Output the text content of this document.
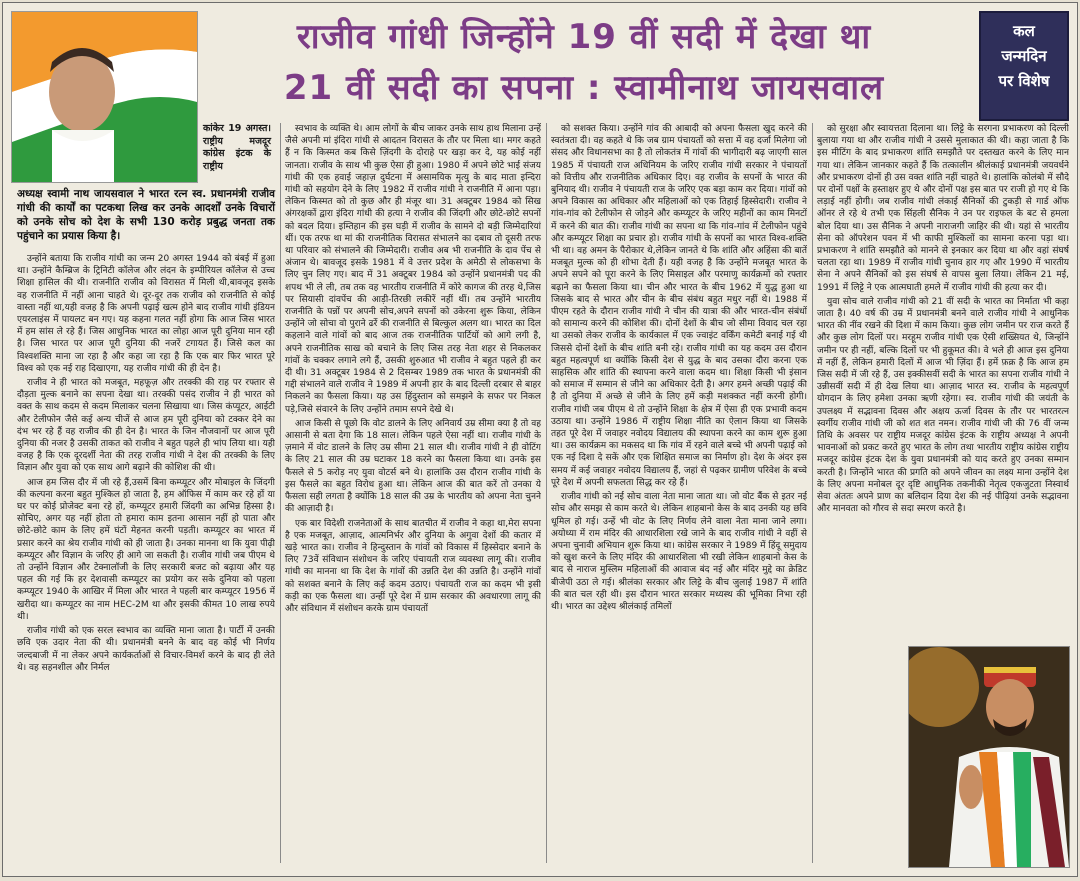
राजीव गांधी जिन्होंने 19 वीं सदी में देखा था
21 वीं सदी का सपना : स्वामीनाथ जायसवाल
कल
जन्मदिन
पर विशेष
कांकेर 19 अगस्त। राष्ट्रीय मजदूर कांग्रेस इंटक के राष्ट्रीय
अध्यक्ष स्वामी नाथ जायसवाल ने भारत रत्न स्व. प्रधानमंत्री राजीव गांधी की कार्यों का पटकथा लिख कर उनके आदर्शों उनके विचारों को उनके सोच को देश के सभी 130 करोड़ प्रबुद्ध जनता तक पहुंचाने का प्रयास किया है।

उन्होंने बताया कि राजीव गांधी का जन्म 20 अगस्त 1944 को बंबई में हुआ था। उन्होंने कैम्ब्रिज के ट्रिनिटी कॉलेज और लंदन के इम्पीरियल कॉलेज से उच्च शिक्षा हासिल की थी। राजनीति राजीव को विरासत में मिली थी,बावजूद इसके वह राजनीति में नहीं आना चाहते थे। दूर-दूर तक राजीव को राजनीति से कोई वास्ता नहीं था,यही वजह है कि अपनी पढ़ाई खत्म होने बाद राजीव गांधी इंडियन एयरलाइंस में पायलट बन गए। यह कहना गलत नहीं होगा कि आज जिस भारत में हम सांस ले रहे हैं। जिस आधुनिक भारत का लोहा आज पूरी दुनिया मान रही है। जिस भारत पर आज पूरी दुनिया की नजरें टगायत हैं। जिसे कल का विश्वशक्ति माना जा रहा है और कहा जा रहा है कि एक बार फिर भारत पूरे विश्व को एक नई राह दिखाएगा, यह राजीव गांधी की ही देन है।

राजीव ने ही भारत को मजबूत, महफूज़ और तरक्की की राह पर रफ्तार से दौड़ता मुल्क बनाने का सपना देखा था। तरक्की पसंद राजीव ने ही भारत को वक्त के साथ कदम से कदम मिलाकर चलना सिखाया था। जिस कंप्यूटर, आईटी और टेलीफोन जैसे कई अन्य चीजें से आज हम पूरी दुनिया को टक्कर देने का दंभ भर रहे हैं वह राजीव की ही देन है। भारत के जिन नौजवानों पर आज पूरी दुनिया की नजर है उसकी ताकत को राजीव ने बहुत पहले ही भांप लिया था। यही वजह है कि एक दूरदर्शी नेता की तरह राजीव गांधी ने देश की तरक्की के लिए विज्ञान और युवा को एक साथ आगे बढ़ाने की कोशिश की थी।

आज हम जिस दौर में जी रहे हैं,उसमें बिना कम्प्यूटर और मोबाइल के जिंदगी की कल्पना करना बहुत मुश्किल हो जाता है, हम ऑफिस में काम कर रहे हों या घर पर कोई प्रोजेक्ट बना रहे हों, कम्प्यूटर हमारी जिंदगी का अभिन्न हिस्सा है। सोचिए, अगर यह नहीं होता तो हमारा काम इतना आसान नहीं हो पाता और छोटे-छोटे काम के लिए हमें घंटों मेहनत करनी पड़ती। कम्प्यूटर का भारत में प्रसार करने का श्रेय राजीव गांधी को ही जाता है। उनका मानना था कि युवा पीढ़ी कम्प्यूटर और विज्ञान के जरिए ही आगे जा सकती है। राजीव गांधी जब पीएम थे तो उन्होंने विज्ञान और टेक्नालॉजी के लिए सरकारी बजट को बढ़ाया और यह पहल की गई कि हर देशवासी कम्प्यूटर का प्रयोग कर सके दुनिया को पहला कम्प्यूटर 1940 के आखिर में मिला और भारत ने पहली बार कम्प्यूटर 1956 में खरीदा था। कम्प्यूटर का नाम HEC-2M था और इसकी कीमत 10 लाख रुपये थी।

राजीव गांधी को एक सरल स्वभाव का व्यक्ति माना जाता है। पार्टी में उनकी छवि एक उदार नेता की थी। प्रधानमंत्री बनने के बाद वह कोई भी निर्णय जल्दबाजी में ना लेकर अपने कार्यकर्ताओं से विचार-विमर्श करने के बाद ही लेते थे। वह सहनशील और निर्मल

स्वभाव के व्यक्ति थे। आम लोगों के बीच जाकर उनके साथ हाथ मिलाना उन्हें जैसे अपनी मां इंदिरा गांधी से आदतन विरासत के तौर पर मिला था। मगर कहते हैं न कि किस्मत कब किसे ज़िंदगी के दोराहे पर खड़ा कर दे, यह कोई नहीं जानता। राजीव के साथ भी कुछ ऐसा ही हुआ। 1980 में अपने छोटे भाई संजय गांधी की एक हवाई जहाज़ दुर्घटना में असामयिक मृत्यु के बाद माता इन्दिरा गांधी को सहयोग देने के लिए 1982 में राजीव गांधी ने राजनीति में आना पड़ा। लेकिन किस्मत को तो कुछ और ही मंजूर था। 31 अक्टूबर 1984 को सिख अंगरक्षकों द्वारा इंदिरा गांधी की हत्या ने राजीव की जिंदगी और छोटे-छोटे सपनों को बदल दिया। इम्तिहान की इस घड़ी में राजीव के सामने दो बड़ी जिम्मेदारियां थीं। एक तरफ था मां की राजनीतिक विरासत संभालने का दबाव तो दूसरी तरफ था परिवार को संभालने की जिम्मेदारी। राजीव अब भी राजनीति के दाव पेंच से अंजान थे। बावजूद इसके 1981 में वे उत्तर प्रदेश के अमेठी से लोकसभा के लिए चुन लिए गए। बाद में 31 अक्टूबर 1984 को उन्होंने प्रधानमंत्री पद की शपथ भी ले ली, तब तक वह भारतीय राजनीति में कोरे कागज की तरह थे,जिस पर सियासी दांवपेंच की आड़ी-तिरछी लकीरें नहीं थीं। तब उन्होंने भारतीय राजनीति के पन्नों पर अपनी सोच,अपने सपनों को उकेरना शुरू किया, लेकिन उन्होंने जो सोचा वो पुराने ढर्रे की राजनीति से बिल्कुल अलग था। भारत का दिल कहलाने वाले गांवों को बाद आज तक राजनीतिक पार्टियों को आगे लगी है, अपने राजनीतिक साख को बचाने के लिए जिस तरह नेता शहर से निकलकर गांवों के चक्कर लगाने लगे हैं, उसकी शुरुआत भी राजीव ने बहुत पहले ही कर दी थी। 31 अक्टूबर 1984 से 2 दिसम्बर 1989 तक भारत के प्रधानमंत्री की गद्दी संभालने वाले राजीव ने 1989 में अपनी हार के बाद दिल्ली दरबार से बाहर निकलने का फैसला किया। यह उस हिंदुस्तान को समझने के सफर पर निकल पड़े,जिसे संवारने के लिए उन्होंने तमाम सपने देखे थे।

आज किसी से पूछो कि वोट डालने के लिए अनिवार्य उम्र सीमा क्या है तो वह आसानी से बता देगा कि 18 साल। लेकिन पहले ऐसा नहीं था। राजीव गांधी के ज़माने में वोट डालने के लिए उम्र सीमा 21 साल थी। राजीव गांधी ने ही वोटिंग के लिए 21 साल की उम्र घटाकर 18 करने का फैसला किया था। उनके इस फैसले से 5 करोड़ नए युवा वोटर्स बने थे। हालांकि उस दौरान राजीव गांधी के इस फैसले का बहुत विरोध हुआ था। लेकिन आज की बात करें तो उनका ये फैसला सही लगता है क्योंकि 18 साल की उम्र के भारतीय को अपना नेता चुनने की आज़ादी है।

एक बार विदेशी राजनेताओं के साथ बातचीत में राजीव ने कहा था,मेरा सपना है एक मजबूत, आज़ाद, आत्मनिर्भर और दुनिया के अगुवा देशों की कतार में खड़े भारत का। राजीव ने हिन्दुस्तान के गांवों को विकास में हिस्सेदार बनाने के लिए 73वें संविधान संशोधन के जरिए पंचायती राज व्यवस्था लागू की। राजीव गांधी का मानना था कि देश के गांवों की उन्नति देश की उन्नति है। उन्होंने गांवों को सशक्त बनाने के लिए कई कदम उठाए। पंचायती राज का कदम भी इसी कड़ी का एक फैसला था। उन्हीं पूरे देश में ग्राम सरकार की अवधारणा लागू की और संविधान में संशोधन करके ग्राम पंचायतों

को सशक्त किया। उन्होंने गांव की आबादी को अपना फैसला खुद करने की स्वतंत्रता दी। वह कहते थे कि जब ग्राम पंचायतों को सत्ता में वह दर्जा मिलेगा जो संसद और विधानसभा का है तो लोकतंत्र में गांवों की भागीदारी बढ़ जाएगी साल 1985 में पंचायती राज अधिनियम के जरिए राजीव गांधी सरकार ने पंचायतों को वित्तीय और राजनीतिक अधिकार दिए। वह राजीव के सपनों के भारत की बुनियाद थी। राजीव ने पंचायती राज के जरिए एक बड़ा काम कर दिया। गांवों को अपने विकास का अधिकार और महिलाओं को एक तिहाई हिस्सेदारी। राजीव ने गांव-गांव को टेलीफोन से जोड़ने और कम्प्यूटर के जरिए महीनों का काम मिनटों में करने की बात की। राजीव गांधी का सपना था कि गांव-गांव में टेलीफोन पहुंचे और कम्प्यूटर शिक्षा का प्रचार हो। राजीव गांधी के सपनों का भारत विश्व-शक्ति भी था। वह अमन के पैरोकार थे,लेकिन जानते थे कि शांति और अहिंसा की बातें मजबूत मुल्क को ही शोभा देती हैं। यही वजह है कि उन्होंने मजबूत भारत के अपने सपने को पूरा करने के लिए मिसाइल और परमाणु कार्यक्रमों को रफ्तार बढ़ाने का फैसला किया था। चीन और भारत के बीच 1962 में युद्ध हुआ था जिसके बाद से भारत और चीन के बीच संबंध बहुत मधुर नहीं थे। 1988 में पीएम रहते के दौरान राजीव गांधी ने चीन की यात्रा की और भारत-चीन संबंधों को सामान्य करने की कोशिश की। दोनों देशों के बीच जो सीमा विवाद चल रहा था उसको लेकर राजीव के कार्यकाल में एक ज्वाइंट वर्किंग कमेटी बनाई गई थी जिससे दोनों देशों के बीच शांति बनी रहे। राजीव गांधी का यह कदम उस दौरान बहुत महत्वपूर्ण था क्योंकि किसी देश से युद्ध के बाद उसका दौरा करना एक साहसिक और शांति की स्थापना करने वाला कदम था। शिक्षा किसी भी इंसान को समाज में सम्मान से जीने का अधिकार देती है। अगर हमने अच्छी पढ़ाई की है तो दुनिया में अच्छे से जीने के लिए हमें कड़ी मशक्कत नहीं करनी होगी। राजीव गांधी जब पीएम थे तो उन्होंने शिक्षा के क्षेत्र में ऐसा ही एक प्रभावी कदम उठाया था। उन्होंने 1986 में राष्ट्रीय शिक्षा नीति का ऐलान किया था जिसके तहत पूरे देश में जवाहर नवोदय विद्यालय की स्थापना करने का काम शुरू हुआ था। उस कार्यक्रम का मकसद था कि गांव में रहने वाले बच्चे भी अपनी पढ़ाई को एक नई दिशा दे सकें और एक शिक्षित समाज का निर्माण हो। देश के अंदर इस समय में कई जवाहर नवोदय विद्यालय हैं, जहां से पढ़कर ग्रामीण परिवेश के बच्चे पूरे देश में अपनी सफलता सिद्ध कर रहे हैं।

राजीव गांधी को नई सोच वाला नेता माना जाता था। जो वोट बैंक से इतर नई सोच और समझ से काम करते थे। लेकिन शाहबानो केस के बाद उनकी यह छवि धूमिल हो गई। उन्हें भी वोट के लिए निर्णय लेने वाला नेता माना जाने लगा। अयोध्या में राम मंदिर की आधारशिला रखे जाने के बाद राजीव गांधी ने वहीं से अपना चुनावी अभियान शुरू किया था। कांग्रेस सरकार ने 1989 में हिंदू समुदाय को खुश करने के लिए मंदिर की आधारशिला भी रखी लेकिन शाहबानो केस के बाद से नाराज मुस्लिम महिलाओं की आवाज बंद नई और मंदिर मुद्दे का क्रेडिट बीजेपी उठा ले गई। श्रीलंका सरकार और लिट्टे के बीच जुलाई 1987 में शांति की बात चल रही थी। इस दौरान भारत सरकार मध्यस्थ की भूमिका निभा रही थी। भारत का उद्देश्य श्रीलंकाई तमिलों

को सुरक्षा और स्वायत्तता दिलाना था। लिट्टे के सरगना प्रभाकरण को दिल्ली बुलाया गया था और राजीव गांधी ने उससे मुलाकात की थी। कहा जाता है कि इस मीटिंग के बाद प्रभाकरण शांति समझौते पर दस्तखत करने के लिए मान गया था। लेकिन जानकार कहते हैं कि तत्कालीन श्रीलंकाई प्रधानमंत्री जयवर्धने और प्रभाकरण दोनों ही उस वक्त शांति नहीं चाहते थे। हालांकि कोलंबो में सौदे पर दोनों पक्षों के हस्ताक्षर हुए थे और दोनों पक्ष इस बात पर राजी हो गए थे कि लड़ाई नहीं होगी। जब राजीव गांधी लंकाई सैनिकों की टुकड़ी से गार्ड ऑफ ऑनर ले रहे थे तभी एक सिंहली सैनिक ने उन पर राइफल के बट से हमला बोल दिया था। उस सैनिक ने अपनी नाराजगी जाहिर की थी। यहां से भारतीय सेना को ऑपरेशन पवन में भी काफी मुश्किलों का सामना करना पड़ा था। प्रभाकरण ने शांति समझौते को मानने से इनकार कर दिया था और वहां संघर्ष चलता रहा था। 1989 में राजीव गांधी चुनाव हार गए और 1990 में भारतीय सेना ने अपने सैनिकों को इस संघर्ष से वापस बुला लिया। लेकिन 21 मई, 1991 में लिट्टे ने एक आत्मघाती हमले में राजीव गांधी की हत्या कर दी।

युवा सोच वाले राजीव गांधी को 21 वीं सदी के भारत का निर्माता भी कहा जाता है। 40 वर्ष की उम्र में प्रधानमंत्री बनने वाले राजीव गांधी ने आधुनिक भारत की नींव रखने की दिशा में काम किया। कुछ लोग जमीन पर राज करते हैं और कुछ लोग दिलों पर। मरहूम राजीव गांधी एक ऐसी शख्सियत थे, जिन्होंने जमीन पर ही नहीं, बल्कि दिलों पर भी हुकूमत की। वे भले ही आज इस दुनिया में नहीं हैं, लेकिन हमारी दिलों में आज भी ज़िंदा हैं। हमें फ़क्र है कि आज हम जिस सदी में जी रहे हैं, उस इक्कीसवीं सदी के भारत का सपना राजीव गांधी ने उन्नीसवीं सदी में ही देख लिया था। आज़ाद भारत स्व. राजीव के महत्वपूर्ण योगदान के लिए हमेशा उनका ऋणी रहेगा। स्व. राजीव गांधी की जयंती के उपलक्ष्य में सद्भावना दिवस और अक्षय ऊर्जा दिवस के तौर पर भारतरत्न स्वर्गीय राजीव गांधी जी को शत शत नमन। राजीव गांधी जी की 76 वीं जन्म तिथि के अवसर पर राष्ट्रीय मजदूर कांग्रेस इंटक के राष्ट्रीय अध्यक्ष ने अपनी भावनाओं को प्रकट करते हुए भारत के लोग तथा भारतीय राष्ट्रीय कांग्रेस राष्ट्रीय मजदूर कांग्रेस इंटक देश के युवा प्रधानमंत्री को याद करते हुए उनका सम्मान करती है। जिन्होंने भारत की प्रगति को अपने जीवन का लक्ष्य माना उन्होंने देश के लिए अपना मनोबल दूर दृष्टि आधुनिक तकनीकी नेतृत्व एकजुटता निस्वार्थ सेवा अंततः अपने प्राण का बलिदान दिया देश की नई पीढ़ियां उनके सद्भावना और मानवता को गौरव से सदा स्मरण करते है।
